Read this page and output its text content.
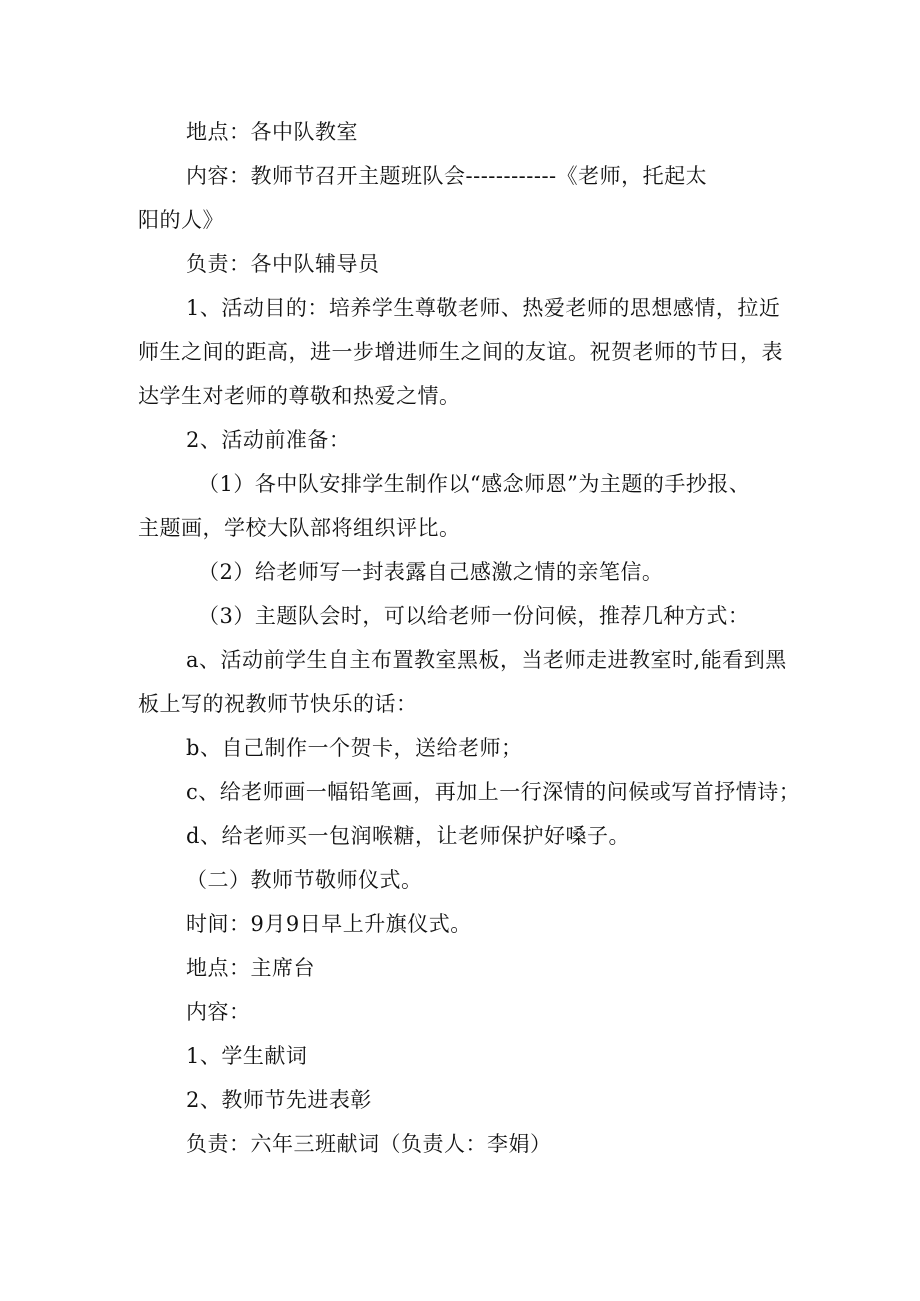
地点：各中队教室
内容：教师节召开主题班队会------------《老师，托起太
阳的人》
负责：各中队辅导员
1、活动目的：培养学生尊敬老师、热爱老师的思想感情，拉近
师生之间的距高，进一步增进师生之间的友谊。祝贺老师的节日，表
达学生对老师的尊敬和热爱之情。
2、活动前准备：
（1）各中队安排学生制作以“感念师恩”为主题的手抄报、
主题画，学校大队部将组织评比。
（2）给老师写一封表露自己感激之情的亲笔信。
（3）主题队会时，可以给老师一份问候，推荐几种方式：
a、活动前学生自主布置教室黑板，当老师走进教室时,能看到黑
板上写的祝教师节快乐的话：
b、自己制作一个贺卡，送给老师；
c、给老师画一幅铅笔画，再加上一行深情的问候或写首抒情诗；
d、给老师买一包润喉糖，让老师保护好嗓子。
（二）教师节敬师仪式。
时间：9月9日早上升旗仪式。
地点：主席台
内容：
1、学生献词
2、教师节先进表彰
负责：六年三班献词（负责人：李娟）
